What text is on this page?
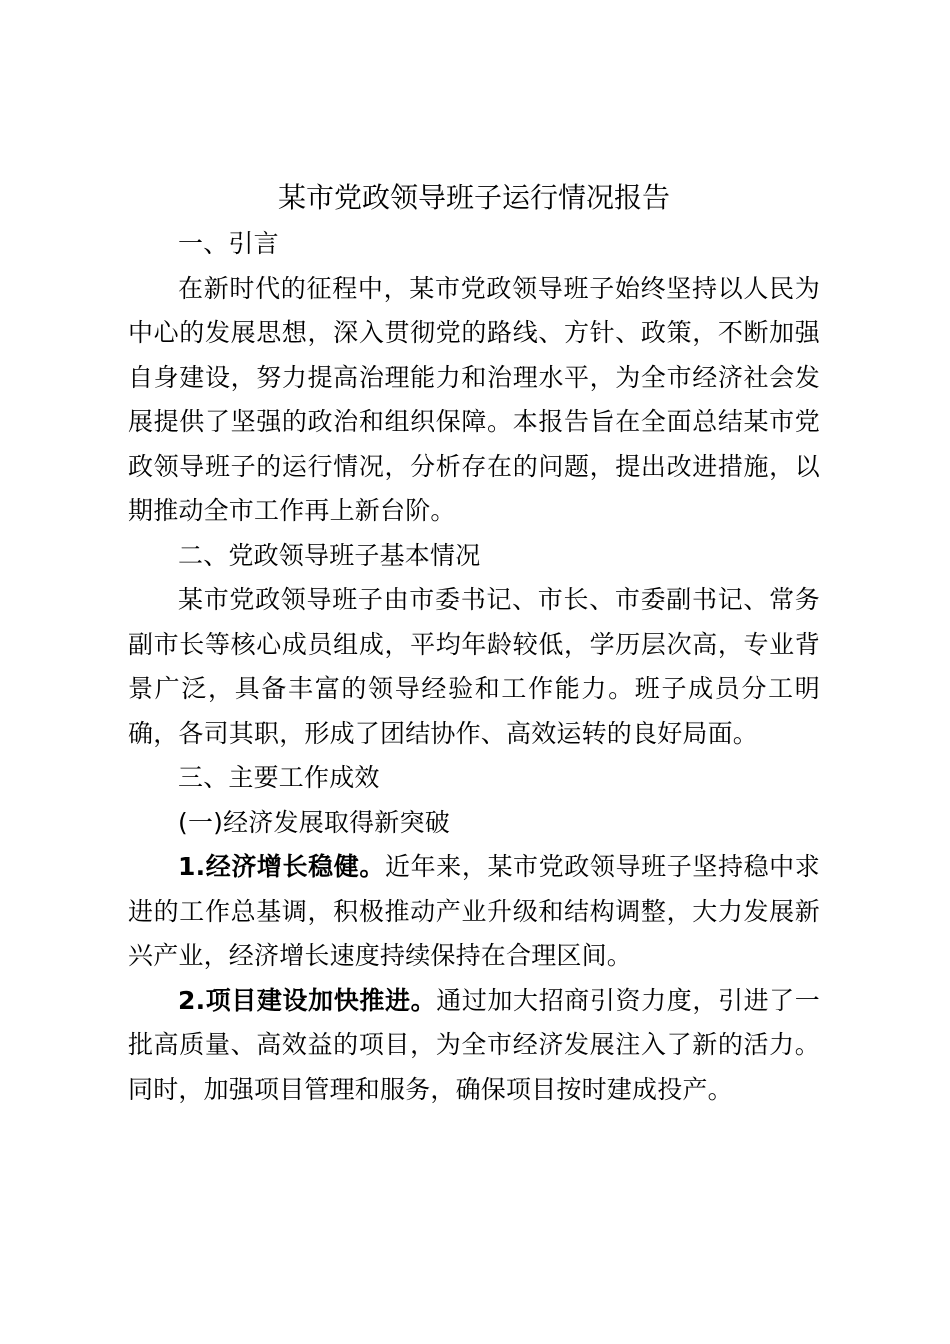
某市党政领导班子运行情况报告

一、引言

在新时代的征程中，某市党政领导班子始终坚持以人民为中心的发展思想，深入贯彻党的路线、方针、政策，不断加强自身建设，努力提高治理能力和治理水平，为全市经济社会发展提供了坚强的政治和组织保障。本报告旨在全面总结某市党政领导班子的运行情况，分析存在的问题，提出改进措施，以期推动全市工作再上新台阶。

二、党政领导班子基本情况

某市党政领导班子由市委书记、市长、市委副书记、常务副市长等核心成员组成，平均年龄较低，学历层次高，专业背景广泛，具备丰富的领导经验和工作能力。班子成员分工明确，各司其职，形成了团结协作、高效运转的良好局面。

三、主要工作成效

(一)经济发展取得新突破

1.经济增长稳健。近年来，某市党政领导班子坚持稳中求进的工作总基调，积极推动产业升级和结构调整，大力发展新兴产业，经济增长速度持续保持在合理区间。

2.项目建设加快推进。通过加大招商引资力度，引进了一批高质量、高效益的项目，为全市经济发展注入了新的活力。同时，加强项目管理和服务，确保项目按时建成投产。
